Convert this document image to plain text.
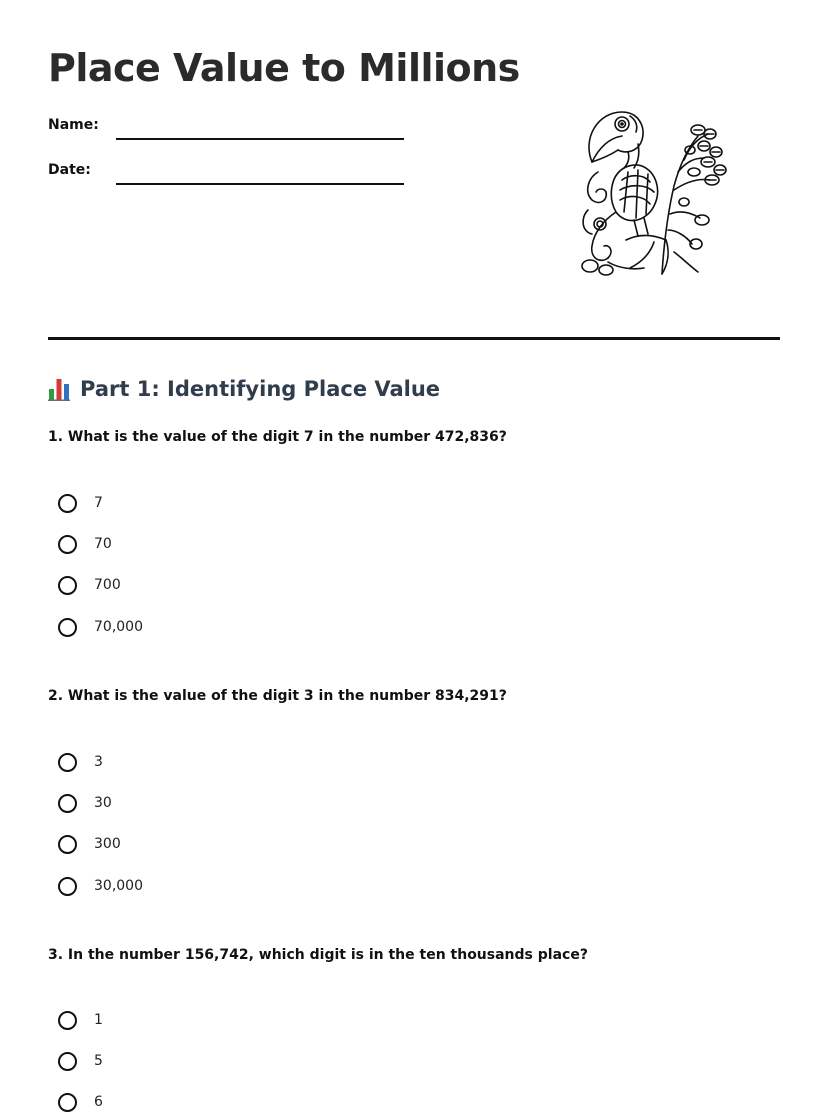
Place Value to Millions
Name:
Date:
Part 1: Identifying Place Value
1. What is the value of the digit 7 in the number 472,836?
7
70
700
70,000
2. What is the value of the digit 3 in the number 834,291?
3
30
300
30,000
3. In the number 156,742, which digit is in the ten thousands place?
1
5
6
